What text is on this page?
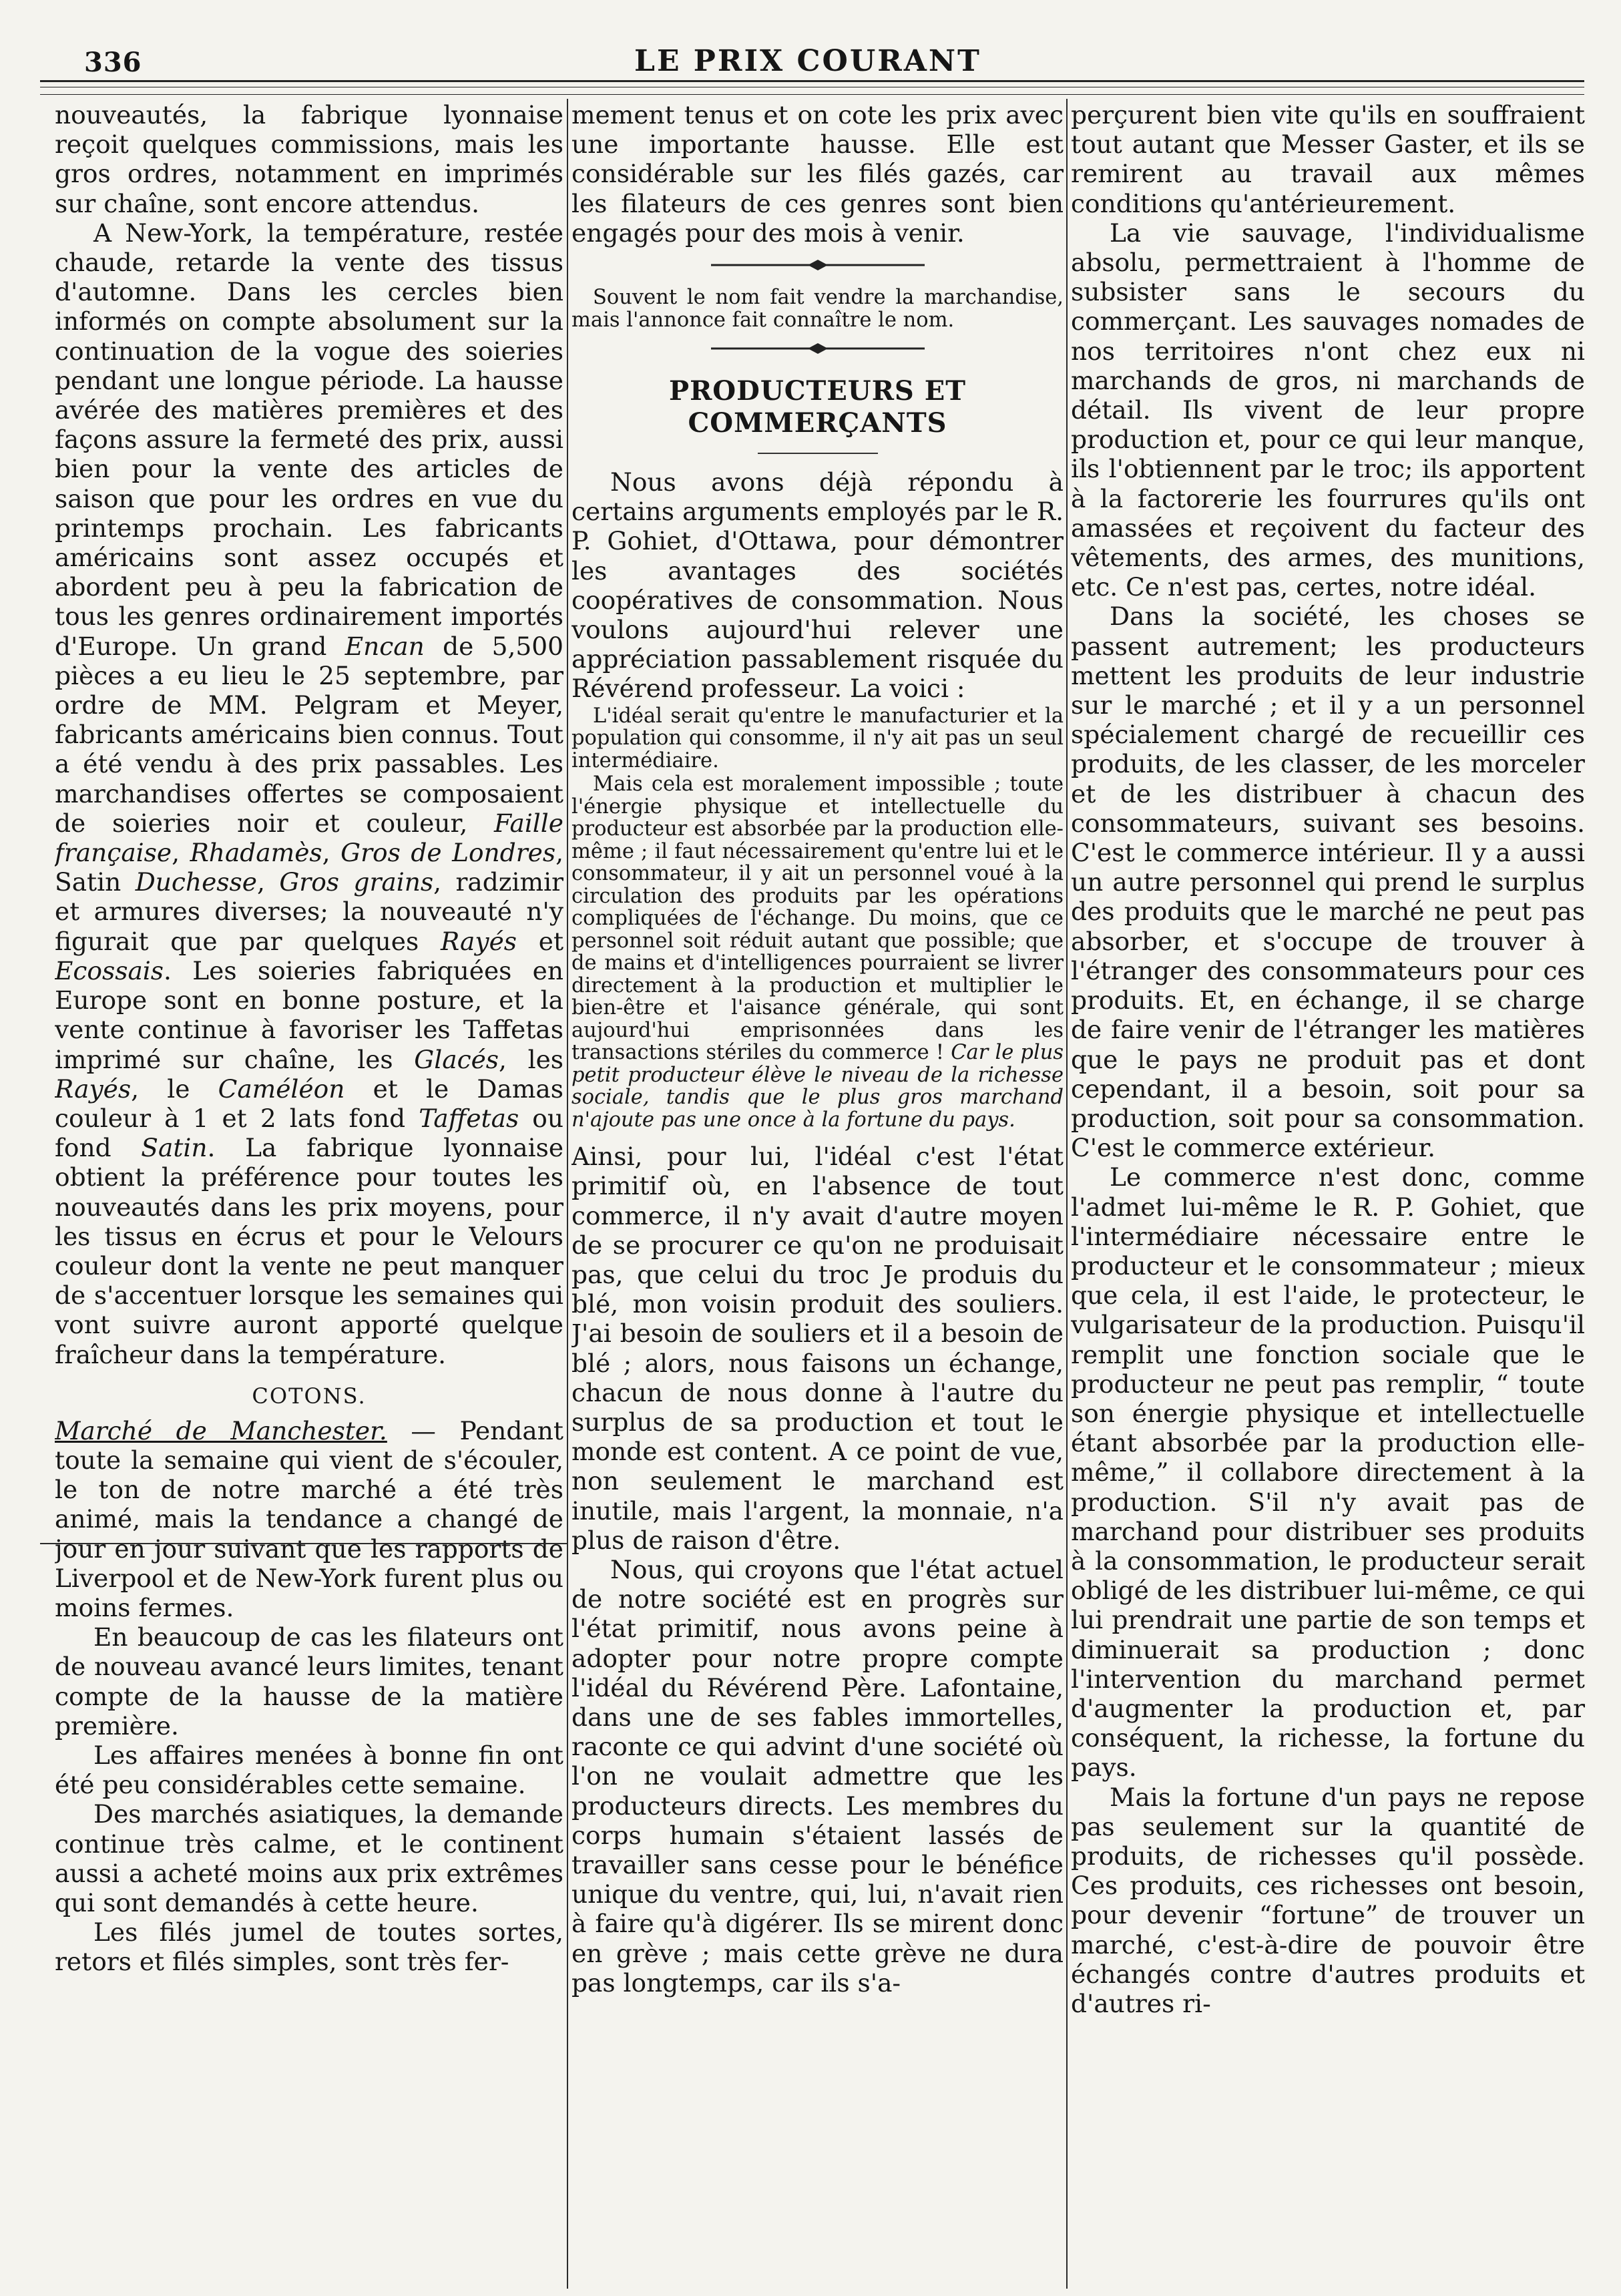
336	LE PRIX COURANT

nouveautés, la fabrique lyonnaise reçoit quelques commissions, mais les gros ordres, notamment en imprimés sur chaîne, sont encore attendus.

A New-York, la température, restée chaude, retarde la vente des tissus d'automne. Dans les cercles bien informés on compte absolument sur la continuation de la vogue des soieries pendant une longue période. La hausse avérée des matières premières et des façons assure la fermeté des prix, aussi bien pour la vente des articles de saison que pour les ordres en vue du printemps prochain. Les fabricants américains sont assez occupés et abordent peu à peu la fabrication de tous les genres ordinairement importés d'Europe. Un grand Encan de 5,500 pièces a eu lieu le 25 septembre, par ordre de MM. Pelgram et Meyer, fabricants américains bien connus. Tout a été vendu à des prix passables. Les marchandises offertes se composaient de soieries noir et couleur, Faille française, Rhadamès, Gros de Londres, Satin Duchesse, Gros grains, radzimir et armures diverses; la nouveauté n'y figurait que par quelques Rayés et Ecossais. Les soieries fabriquées en Europe sont en bonne posture, et la vente continue à favoriser les Taffetas imprimé sur chaîne, les Glacés, les Rayés, le Caméléon et le Damas couleur à 1 et 2 lats fond Taffetas ou fond Satin. La fabrique lyonnaise obtient la préférence pour toutes les nouveautés dans les prix moyens, pour les tissus en écrus et pour le Velours couleur dont la vente ne peut manquer de s'accentuer lorsque les semaines qui vont suivre auront apporté quelque fraîcheur dans la température.

COTONS.

Marché de Manchester. — Pendant toute la semaine qui vient de s'écouler, le ton de notre marché a été très animé, mais la tendance a changé de jour en jour suivant que les rapports de Liverpool et de New-York furent plus ou moins fermes.

En beaucoup de cas les filateurs ont de nouveau avancé leurs limites, tenant compte de la hausse de la matière première.

Les affaires menées à bonne fin ont été peu considérables cette semaine.

Des marchés asiatiques, la demande continue très calme, et le continent aussi a acheté moins aux prix extrêmes qui sont demandés à cette heure.

Les filés jumel de toutes sortes, retors et filés simples, sont très fer-

mement tenus et on cote les prix avec une importante hausse. Elle est considérable sur les filés gazés, car les filateurs de ces genres sont bien engagés pour des mois à venir.

Souvent le nom fait vendre la marchandise, mais l'annonce fait connaître le nom.

PRODUCTEURS ET COMMERÇANTS

Nous avons déjà répondu à certains arguments employés par le R. P. Gohiet, d'Ottawa, pour démontrer les avantages des sociétés coopératives de consommation. Nous voulons aujourd'hui relever une appréciation passablement risquée du Révérend professeur. La voici :

L'idéal serait qu'entre le manufacturier et la population qui consomme, il n'y ait pas un seul intermédiaire.

Mais cela est moralement impossible ; toute l'énergie physique et intellectuelle du producteur est absorbée par la production elle-même ; il faut nécessairement qu'entre lui et le consommateur, il y ait un personnel voué à la circulation des produits par les opérations compliquées de l'échange. Du moins, que ce personnel soit réduit autant que possible; que de mains et d'intelligences pourraient se livrer directement à la production et multiplier le bien-être et l'aisance générale, qui sont aujourd'hui emprisonnées dans les transactions stériles du commerce ! Car le plus petit producteur élève le niveau de la richesse sociale, tandis que le plus gros marchand n'ajoute pas une once à la fortune du pays.

Ainsi, pour lui, l'idéal c'est l'état primitif où, en l'absence de tout commerce, il n'y avait d'autre moyen de se procurer ce qu'on ne produisait pas, que celui du troc Je produis du blé, mon voisin produit des souliers. J'ai besoin de souliers et il a besoin de blé ; alors, nous faisons un échange, chacun de nous donne à l'autre du surplus de sa production et tout le monde est content. A ce point de vue, non seulement le marchand est inutile, mais l'argent, la monnaie, n'a plus de raison d'être.

Nous, qui croyons que l'état actuel de notre société est en progrès sur l'état primitif, nous avons peine à adopter pour notre propre compte l'idéal du Révérend Père. Lafontaine, dans une de ses fables immortelles, raconte ce qui advint d'une société où l'on ne voulait admettre que les producteurs directs. Les membres du corps humain s'étaient lassés de travailler sans cesse pour le bénéfice unique du ventre, qui, lui, n'avait rien à faire qu'à digérer. Ils se mirent donc en grève ; mais cette grève ne dura pas longtemps, car ils s'a-

perçurent bien vite qu'ils en souffraient tout autant que Messer Gaster, et ils se remirent au travail aux mêmes conditions qu'antérieurement.

La vie sauvage, l'individualisme absolu, permettraient à l'homme de subsister sans le secours du commerçant. Les sauvages nomades de nos territoires n'ont chez eux ni marchands de gros, ni marchands de détail. Ils vivent de leur propre production et, pour ce qui leur manque, ils l'obtiennent par le troc; ils apportent à la factorerie les fourrures qu'ils ont amassées et reçoivent du facteur des vêtements, des armes, des munitions, etc. Ce n'est pas, certes, notre idéal.

Dans la société, les choses se passent autrement; les producteurs mettent les produits de leur industrie sur le marché ; et il y a un personnel spécialement chargé de recueillir ces produits, de les classer, de les morceler et de les distribuer à chacun des consommateurs, suivant ses besoins. C'est le commerce intérieur. Il y a aussi un autre personnel qui prend le surplus des produits que le marché ne peut pas absorber, et s'occupe de trouver à l'étranger des consommateurs pour ces produits. Et, en échange, il se charge de faire venir de l'étranger les matières que le pays ne produit pas et dont cependant, il a besoin, soit pour sa production, soit pour sa consommation. C'est le commerce extérieur.

Le commerce n'est donc, comme l'admet lui-même le R. P. Gohiet, que l'intermédiaire nécessaire entre le producteur et le consommateur ; mieux que cela, il est l'aide, le protecteur, le vulgarisateur de la production. Puisqu'il remplit une fonction sociale que le producteur ne peut pas remplir, “ toute son énergie physique et intellectuelle étant absorbée par la production elle-même,” il collabore directement à la production. S'il n'y avait pas de marchand pour distribuer ses produits à la consommation, le producteur serait obligé de les distribuer lui-même, ce qui lui prendrait une partie de son temps et diminuerait sa production ; donc l'intervention du marchand permet d'augmenter la production et, par conséquent, la richesse, la fortune du pays.

Mais la fortune d'un pays ne repose pas seulement sur la quantité de produits, de richesses qu'il possède. Ces produits, ces richesses ont besoin, pour devenir “fortune” de trouver un marché, c'est-à-dire de pouvoir être échangés contre d'autres produits et d'autres ri-
